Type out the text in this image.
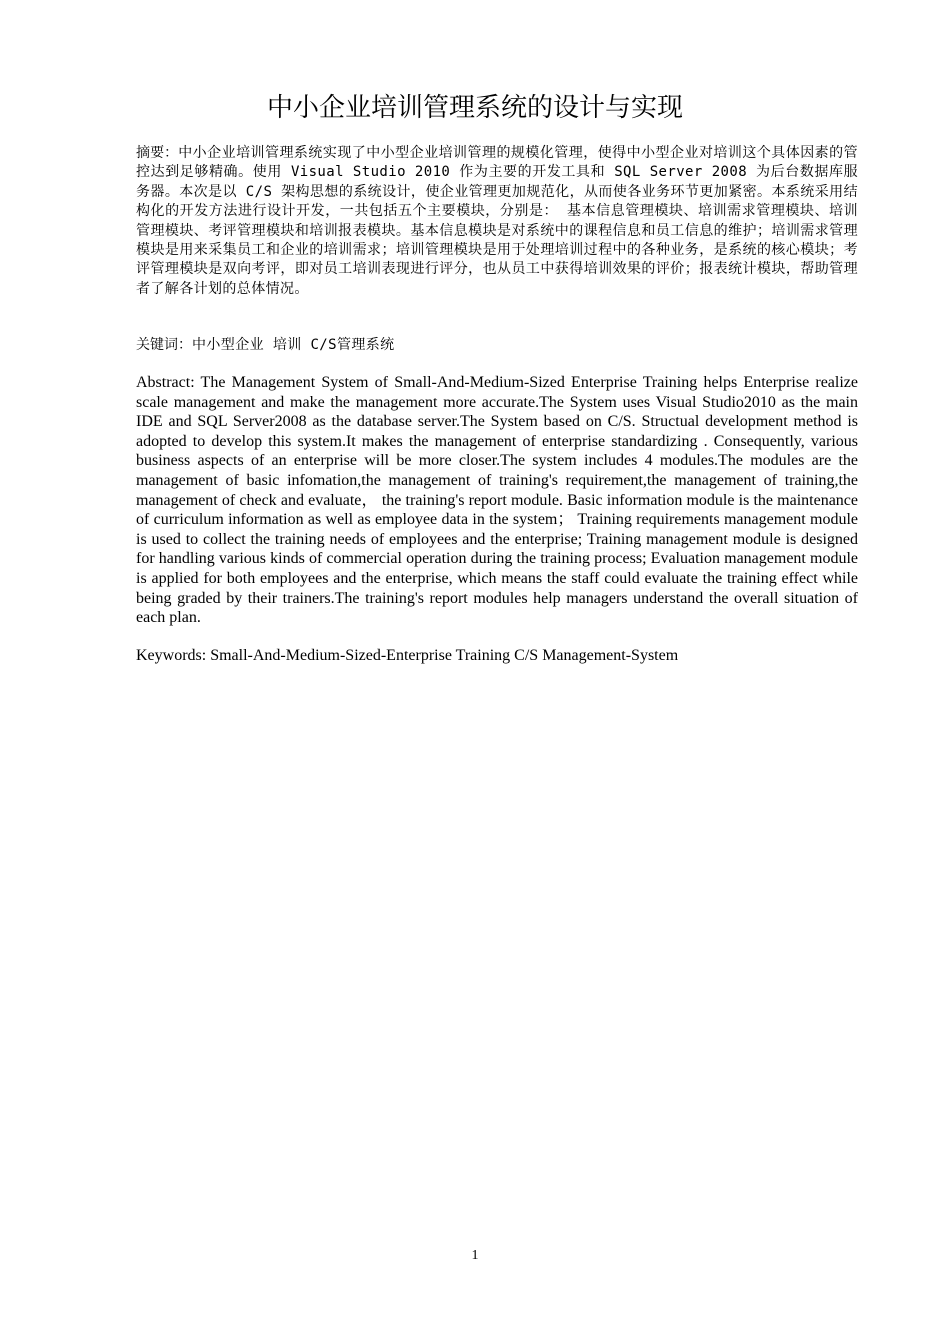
中小企业培训管理系统的设计与实现

摘要：中小企业培训管理系统实现了中小型企业培训管理的规模化管理，使得中小型企业对培训这个具体因素的管控达到足够精确。使用 Visual Studio 2010 作为主要的开发工具和 SQL Server 2008 为后台数据库服务器。本次是以 C/S 架构思想的系统设计，使企业管理更加规范化，从而使各业务环节更加紧密。本系统采用结构化的开发方法进行设计开发，一共包括五个主要模块，分别是： 基本信息管理模块、培训需求管理模块、培训管理模块、考评管理模块和培训报表模块。基本信息模块是对系统中的课程信息和员工信息的维护；培训需求管理模块是用来采集员工和企业的培训需求；培训管理模块是用于处理培训过程中的各种业务，是系统的核心模块；考评管理模块是双向考评，即对员工培训表现进行评分，也从员工中获得培训效果的评价；报表统计模块，帮助管理者了解各计划的总体情况。

关键词：中小型企业 培训 C/S管理系统

Abstract: The Management System of Small-And-Medium-Sized Enterprise Training helps Enterprise realize scale management and make the management more accurate.The System uses Visual Studio2010 as the main IDE and SQL Server2008 as the database server.The System based on C/S. Structual development method is adopted to develop this system.It makes the management of enterprise standardizing . Consequently, various business aspects of an enterprise will be more closer.The system includes 4 modules.The modules are the management of basic infomation,the management of training's requirement,the management of training,the management of check and evaluate， the training's report module. Basic information module is the maintenance of curriculum information as well as employee data in the system； Training requirements management module is used to collect the training needs of employees and the enterprise; Training management module is designed for handling various kinds of commercial operation during the training process; Evaluation management module is applied for both employees and the enterprise, which means the staff could evaluate the training effect while being graded by their trainers.The training's report modules help managers understand the overall situation of each plan.

Keywords: Small-And-Medium-Sized-Enterprise Training C/S Management-System

1
